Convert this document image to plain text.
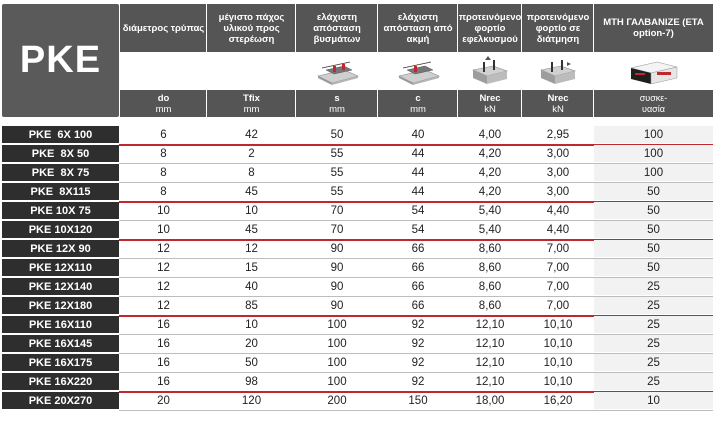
PKE
διάμετρος τρύπας
do
mm
μέγιστο πάχος υλικού προς στερέωση
Tfix
mm
ελάχιστη απόσταση βυσμάτων
s
mm
ελάχιστη απόσταση από ακμή
c
mm
προτεινόμενο φορτίο εφελκυσμού
Nrec
kN
προτεινόμενο φορτίο σε διάτμηση
Nrec
kN
ΜΤΗ ΓΑΛΒΑΝΙΖΕ (ETA option-7)
συσκε- υασία
PKE  6X 100	6	42	50	40	4,00	2,95	100
PKE  8X 50	8	2	55	44	4,20	3,00	100
PKE  8X 75	8	8	55	44	4,20	3,00	100
PKE  8X115	8	45	55	44	4,20	3,00	50
PKE 10X 75	10	10	70	54	5,40	4,40	50
PKE 10X120	10	45	70	54	5,40	4,40	50
PKE 12X 90	12	12	90	66	8,60	7,00	50
PKE 12X110	12	15	90	66	8,60	7,00	50
PKE 12X140	12	40	90	66	8,60	7,00	25
PKE 12X180	12	85	90	66	8,60	7,00	25
PKE 16X110	16	10	100	92	12,10	10,10	25
PKE 16X145	16	20	100	92	12,10	10,10	25
PKE 16X175	16	50	100	92	12,10	10,10	25
PKE 16X220	16	98	100	92	12,10	10,10	25
PKE 20X270	20	120	200	150	18,00	16,20	10
